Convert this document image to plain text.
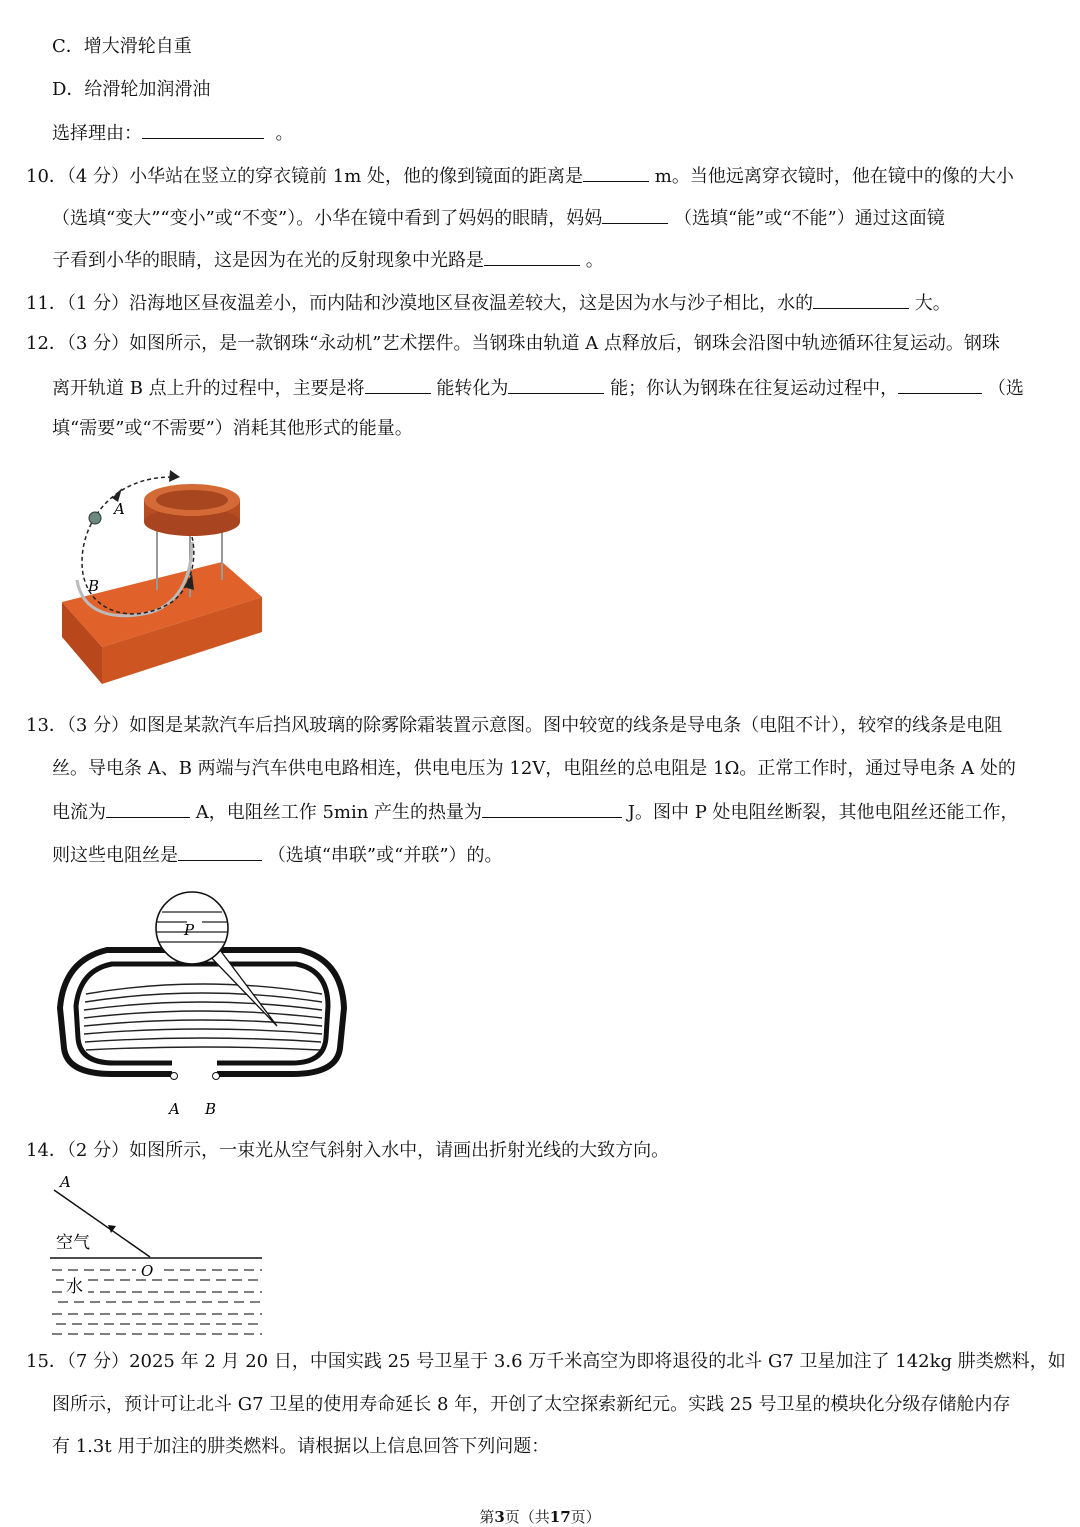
C．增大滑轮自重
D．给滑轮加润滑油
选择理由：	。
10．（4 分）小华站在竖立的穿衣镜前 1m 处，他的像到镜面的距离是	m。当他远离穿衣镜时，他在镜中的像的大小
（选填“变大”“变小”或“不变”）。小华在镜中看到了妈妈的眼睛，妈妈	（选填“能”或“不能”）通过这面镜
子看到小华的眼睛，这是因为在光的反射现象中光路是	。
11．（1 分）沿海地区昼夜温差小，而内陆和沙漠地区昼夜温差较大，这是因为水与沙子相比，水的	大。
12．（3 分）如图所示，是一款钢珠“永动机”艺术摆件。当钢珠由轨道 A 点释放后，钢珠会沿图中轨迹循环往复运动。钢珠
离开轨道 B 点上升的过程中，主要是将	能转化为	能；你认为钢珠在往复运动过程中，	（选
填“需要”或“不需要”）消耗其他形式的能量。
A
B
13．（3 分）如图是某款汽车后挡风玻璃的除雾除霜装置示意图。图中较宽的线条是导电条（电阻不计），较窄的线条是电阻
丝。导电条 A、B 两端与汽车供电电路相连，供电电压为 12V，电阻丝的总电阻是 1Ω。正常工作时，通过导电条 A 处的
电流为	A，电阻丝工作 5min 产生的热量为	J。图中 P 处电阻丝断裂，其他电阻丝还能工作，
则这些电阻丝是	（选填“串联”或“并联”）的。
P
A B
14．（2 分）如图所示，一束光从空气斜射入水中，请画出折射光线的大致方向。
A
空气
O
水
15．（7 分）2025 年 2 月 20 日，中国实践 25 号卫星于 3.6 万千米高空为即将退役的北斗 G7 卫星加注了 142kg 肼类燃料，如
图所示，预计可让北斗 G7 卫星的使用寿命延长 8 年，开创了太空探索新纪元。实践 25 号卫星的模块化分级存储舱内存
有 1.3t 用于加注的肼类燃料。请根据以上信息回答下列问题：
第3页（共17页）
